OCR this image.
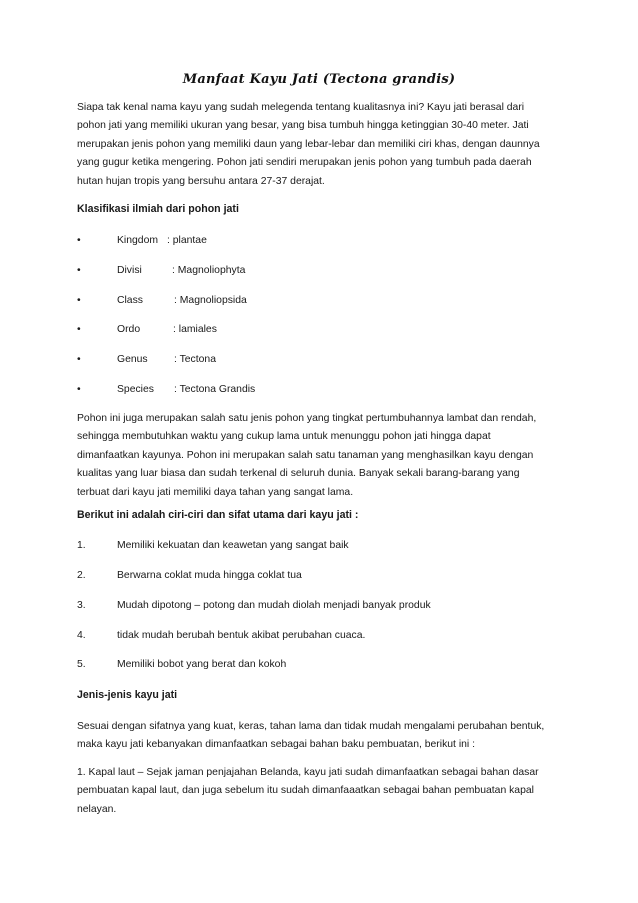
Manfaat Kayu Jati (Tectona grandis)
Siapa tak kenal nama kayu yang sudah melegenda tentang kualitasnya ini? Kayu jati berasal dari
pohon jati yang memiliki ukuran yang besar, yang bisa tumbuh hingga ketinggian 30-40 meter. Jati
merupakan jenis pohon yang memiliki daun yang lebar-lebar dan memiliki ciri khas, dengan daunnya
yang gugur ketika mengering. Pohon jati sendiri merupakan jenis pohon yang tumbuh pada daerah
hutan hujan tropis yang bersuhu antara 27-37 derajat.
Klasifikasi ilmiah dari pohon jati
•	Kingdom : plantae
•	Divisi	: Magnoliophyta
•	Class	: Magnoliopsida
•	Ordo	: lamiales
•	Genus	: Tectona
•	Species : Tectona Grandis
Pohon ini juga merupakan salah satu jenis pohon yang tingkat pertumbuhannya lambat dan rendah,
sehingga membutuhkan waktu yang cukup lama untuk menunggu pohon jati hingga dapat
dimanfaatkan kayunya. Pohon ini merupakan salah satu tanaman yang menghasilkan kayu dengan
kualitas yang luar biasa dan sudah terkenal di seluruh dunia. Banyak sekali barang-barang yang
terbuat dari kayu jati memiliki daya tahan yang sangat lama.
Berikut ini adalah ciri-ciri dan sifat utama dari kayu jati :
1.	Memiliki kekuatan dan keawetan yang sangat baik
2.	Berwarna coklat muda hingga coklat tua
3.	Mudah dipotong – potong dan mudah diolah menjadi banyak produk
4.	tidak mudah berubah bentuk akibat perubahan cuaca.
5.	Memiliki bobot yang berat dan kokoh
Jenis-jenis kayu jati
Sesuai dengan sifatnya yang kuat, keras, tahan lama dan tidak mudah mengalami perubahan bentuk,
maka kayu jati kebanyakan dimanfaatkan sebagai bahan baku pembuatan, berikut ini :
1. Kapal laut – Sejak jaman penjajahan Belanda, kayu jati sudah dimanfaatkan sebagai bahan dasar
pembuatan kapal laut, dan juga sebelum itu sudah dimanfaaatkan sebagai bahan pembuatan kapal
nelayan.
